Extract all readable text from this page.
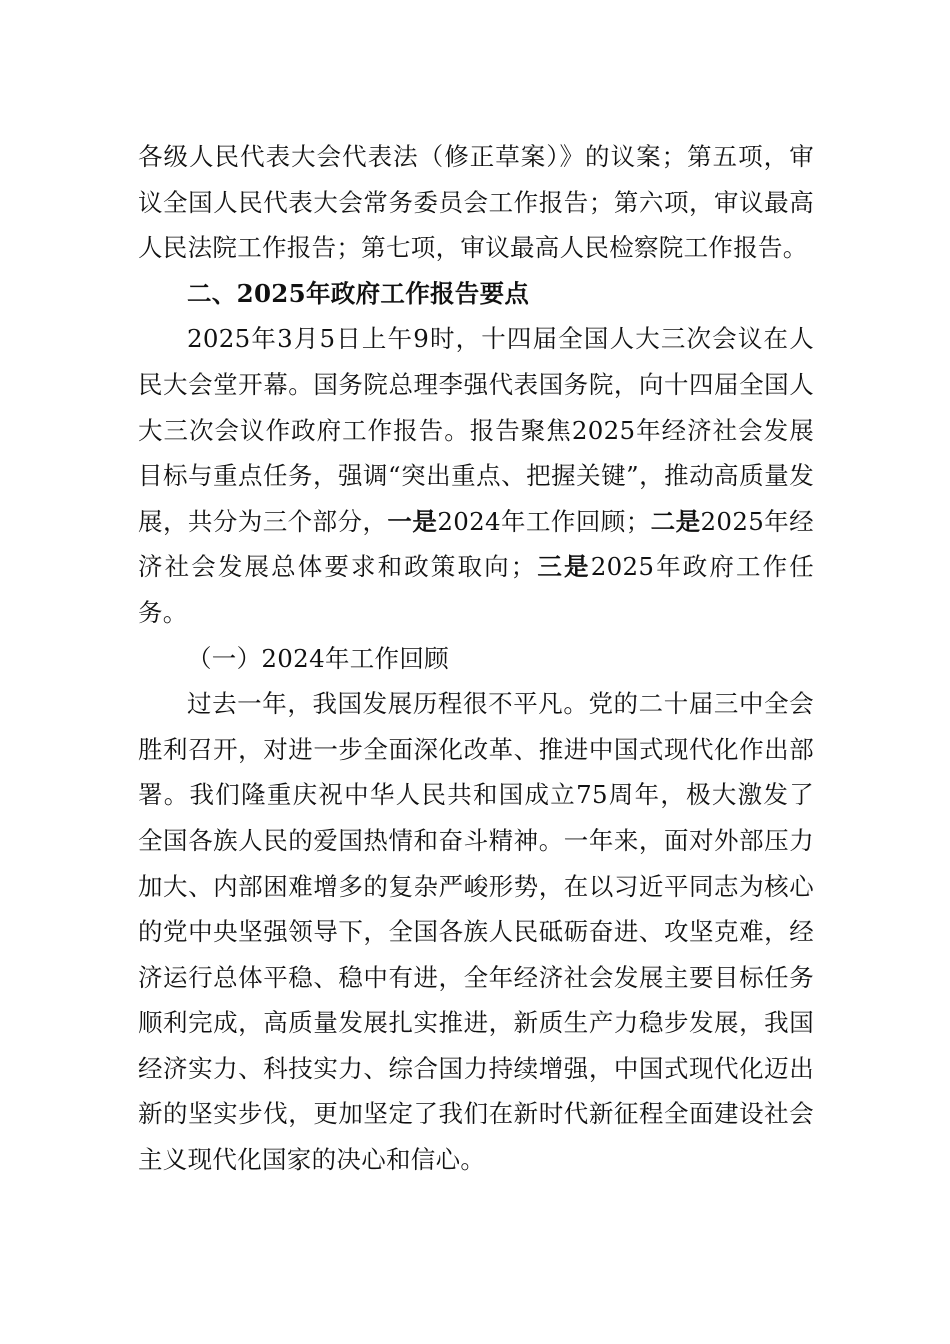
各级人民代表大会代表法（修正草案）》的议案；第五项，审议全国人民代表大会常务委员会工作报告；第六项，审议最高人民法院工作报告；第七项，审议最高人民检察院工作报告。

二、2025年政府工作报告要点

2025年3月5日上午9时，十四届全国人大三次会议在人民大会堂开幕。国务院总理李强代表国务院，向十四届全国人大三次会议作政府工作报告。报告聚焦2025年经济社会发展目标与重点任务，强调“突出重点、把握关键”，推动高质量发展，共分为三个部分，一是2024年工作回顾；二是2025年经济社会发展总体要求和政策取向；三是2025年政府工作任务。

（一）2024年工作回顾

过去一年，我国发展历程很不平凡。党的二十届三中全会胜利召开，对进一步全面深化改革、推进中国式现代化作出部署。我们隆重庆祝中华人民共和国成立75周年，极大激发了全国各族人民的爱国热情和奋斗精神。一年来，面对外部压力加大、内部困难增多的复杂严峻形势，在以习近平同志为核心的党中央坚强领导下，全国各族人民砥砺奋进、攻坚克难，经济运行总体平稳、稳中有进，全年经济社会发展主要目标任务顺利完成，高质量发展扎实推进，新质生产力稳步发展，我国经济实力、科技实力、综合国力持续增强，中国式现代化迈出新的坚实步伐，更加坚定了我们在新时代新征程全面建设社会主义现代化国家的决心和信心。
